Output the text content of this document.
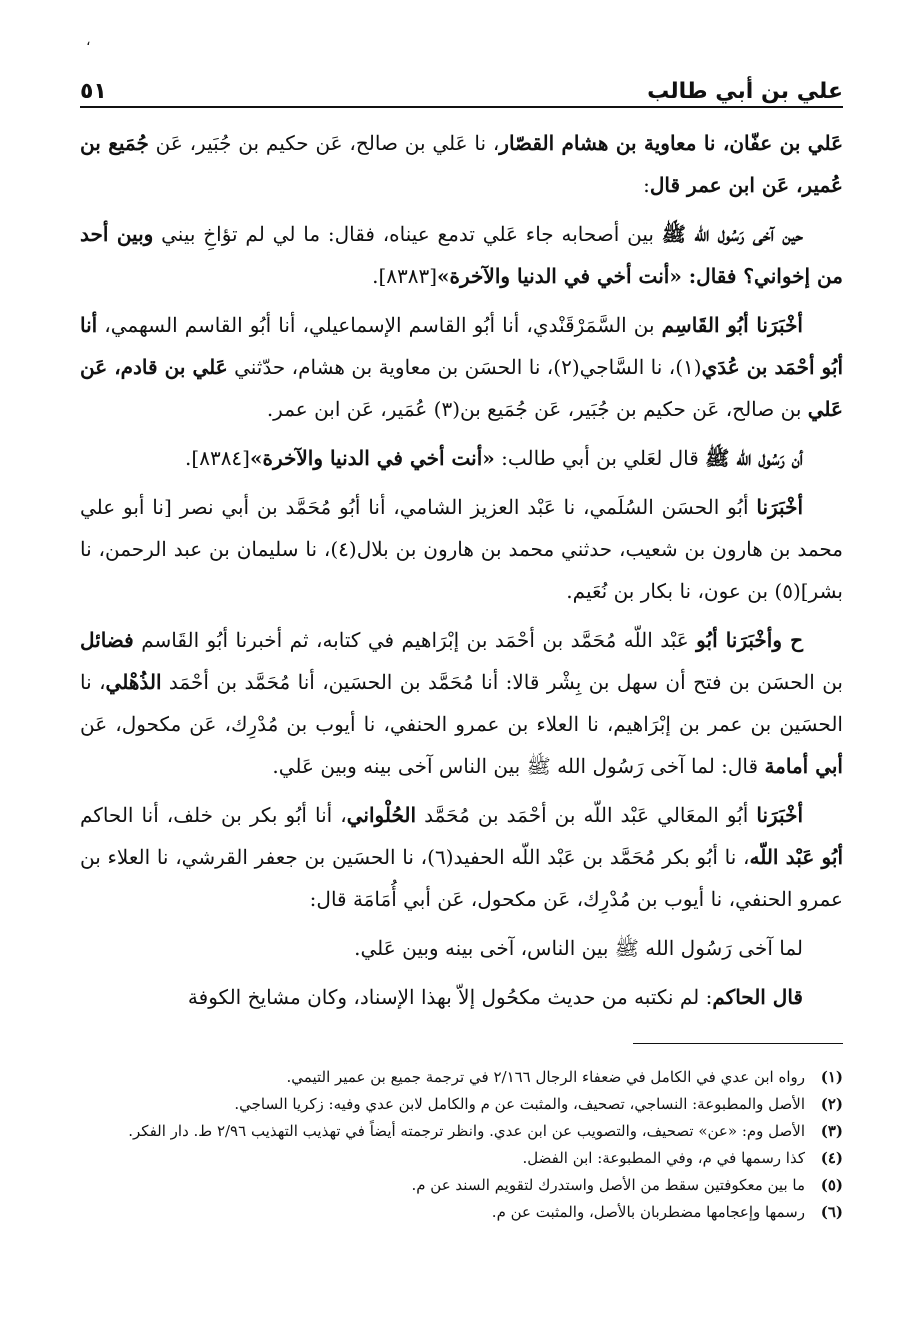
،
علي بن أبي طالب
٥١

عَلي بن عفّان، نا معاوية بن هشام القصّار، نا عَلي بن صالح، عَن حكيم بن جُبَير، عَن جُمَيع بن عُمير، عَن ابن عمر قال:

حين آخى رَسُول الله ﷺ بين أصحابه جاء عَلي تدمع عيناه، فقال: ما لي لم تؤاخِ بيني وبين أحد من إخواني؟ فقال: «أنت أخي في الدنيا والآخرة»[٨٣٨٣].

أخْبَرَنا أبُو القَاسِم بن السَّمَرْقَنْدي، أنا أبُو القاسم الإسماعيلي، أنا أبُو القاسم السهمي، أنا أبُو أحْمَد بن عُدَي(١)، نا السَّاجي(٢)، نا الحسَن بن معاوية بن هشام، حدّثني عَلي بن قادم، عَن عَلي بن صالح، عَن حكيم بن جُبَير، عَن جُمَيع بن(٣) عُمَير، عَن ابن عمر.

أن رَسُول الله ﷺ قال لعَلي بن أبي طالب: «أنت أخي في الدنيا والآخرة»[٨٣٨٤].

أخْبَرَنا أبُو الحسَن السُلَمي، نا عَبْد العزيز الشامي، أنا أبُو مُحَمَّد بن أبي نصر [نا أبو علي محمد بن هارون بن شعيب، حدثني محمد بن هارون بن بلال(٤)، نا سليمان بن عبد الرحمن، نا بشر](٥) بن عون، نا بكار بن نُعَيم.

ح وأخْبَرَنا أبُو عَبْد اللّه مُحَمَّد بن أحْمَد بن إبْرَاهيم في كتابه، ثم أخبرنا أبُو القَاسم فضائل بن الحسَن بن فتح أن سهل بن بِشْر قالا: أنا مُحَمَّد بن الحسَين، أنا مُحَمَّد بن أحْمَد الذُهْلي، نا الحسَين بن عمر بن إبْرَاهيم، نا العلاء بن عمرو الحنفي، نا أيوب بن مُدْرِك، عَن مكحول، عَن أبي أمامة قال: لما آخى رَسُول الله ﷺ بين الناس آخى بينه وبين عَلي.

أخْبَرَنا أبُو المعَالي عَبْد اللّه بن أحْمَد بن مُحَمَّد الحُلْواني، أنا أبُو بكر بن خلف، أنا الحاكم أبُو عَبْد اللّه، نا أبُو بكر مُحَمَّد بن عَبْد اللّه الحفيد(٦)، نا الحسَين بن جعفر القرشي، نا العلاء بن عمرو الحنفي، نا أيوب بن مُدْرِك، عَن مكحول، عَن أبي أُمَامَة قال:

لما آخى رَسُول الله ﷺ بين الناس، آخى بينه وبين عَلي.

قال الحاكم: لم نكتبه من حديث مكحُول إلاّ بهذا الإسناد، وكان مشايخ الكوفة

(١)
رواه ابن عدي في الكامل في ضعفاء الرجال ٢/١٦٦ في ترجمة جميع بن عمير التيمي.
(٢)
الأصل والمطبوعة: النساجي، تصحيف، والمثبت عن م والكامل لابن عدي وفيه: زكريا الساجي.
(٣)
الأصل وم: «عن» تصحيف، والتصويب عن ابن عدي. وانظر ترجمته أيضاً في تهذيب التهذيب ٢/٩٦ ط. دار الفكر.
(٤)
كذا رسمها في م، وفي المطبوعة: ابن الفضل.
(٥)
ما بين معكوفتين سقط من الأصل واستدرك لتقويم السند عن م.
(٦)
رسمها وإعجامها مضطربان بالأصل، والمثبت عن م.
